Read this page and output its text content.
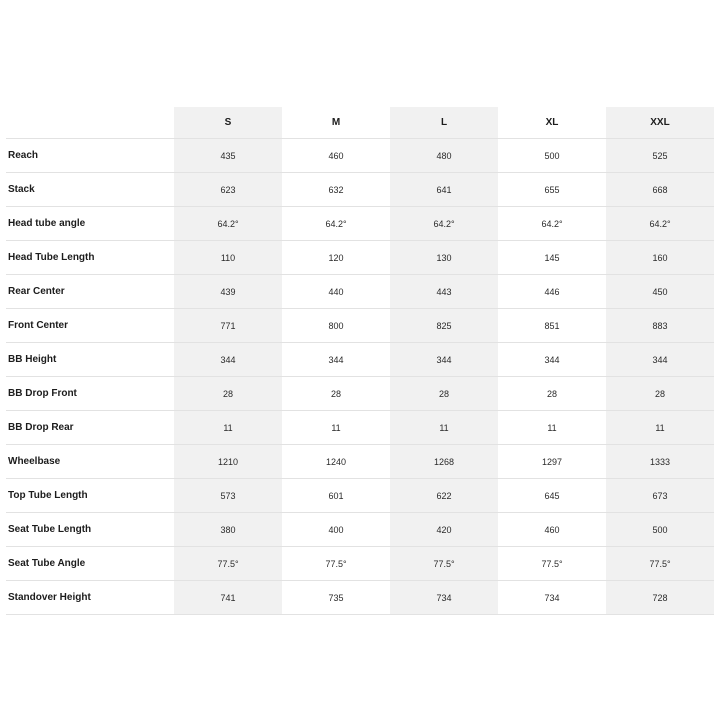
	S	M	L	XL	XXL
Reach	435	460	480	500	525
Stack	623	632	641	655	668
Head tube angle	64.2°	64.2°	64.2°	64.2°	64.2°
Head Tube Length	110	120	130	145	160
Rear Center	439	440	443	446	450
Front Center	771	800	825	851	883
BB Height	344	344	344	344	344
BB Drop Front	28	28	28	28	28
BB Drop Rear	11	11	11	11	11
Wheelbase	1210	1240	1268	1297	1333
Top Tube Length	573	601	622	645	673
Seat Tube Length	380	400	420	460	500
Seat Tube Angle	77.5°	77.5°	77.5°	77.5°	77.5°
Standover Height	741	735	734	734	728
